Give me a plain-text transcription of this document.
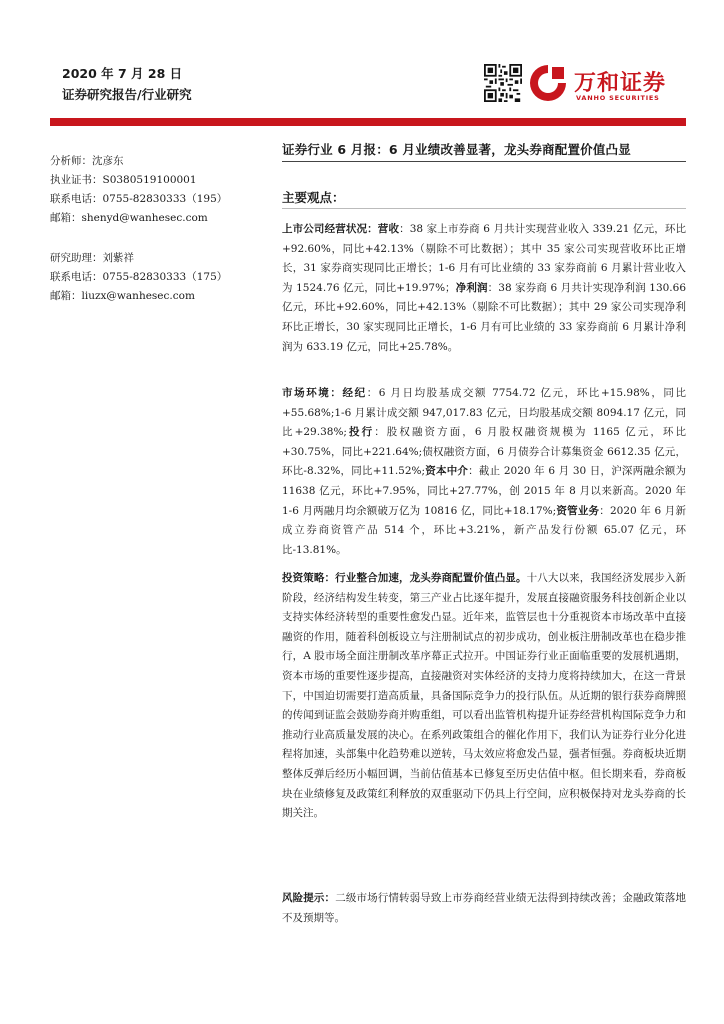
2020 年 7 月 28 日
证券研究报告/行业研究	万和证券
VANHO SECURITIES
证券行业 6 月报：6 月业绩改善显著，龙头券商配置价值凸显
分析师：沈彦东
执业证书：S0380519100001
联系电话：0755-82830333（195）
邮箱：shenyd@wanhesec.com
研究助理：刘紫祥
联系电话：0755-82830333（175）
邮箱：liuzx@wanhesec.com
主要观点：
上市公司经营状况：营收：38 家上市券商 6 月共计实现营业收入 339.21 亿元，环比+92.60%，同比+42.13%（剔除不可比数据）；其中 35 家公司实现营收环比正增长，31 家券商实现同比正增长；1-6 月有可比业绩的 33 家券商前 6 月累计营业收入为 1524.76 亿元，同比+19.97%；净利润：38 家券商 6 月共计实现净利润 130.66 亿元，环比+92.60%，同比+42.13%（剔除不可比数据）；其中 29 家公司实现净利环比正增长，30 家实现同比正增长，1-6 月有可比业绩的 33 家券商前 6 月累计净利润为 633.19 亿元，同比+25.78%。
市场环境：经纪：6 月日均股基成交额 7754.72 亿元，环比+15.98%，同比+55.68%;1-6 月累计成交额 947,017.83 亿元，日均股基成交额 8094.17 亿元，同比+29.38%;投行：股权融资方面，6 月股权融资规模为 1165 亿元，环比+30.75%，同比+221.64%;债权融资方面，6 月债券合计募集资金 6612.35 亿元，环比-8.32%，同比+11.52%;资本中介：截止 2020 年 6 月 30 日，沪深两融余额为 11638 亿元，环比+7.95%，同比+27.77%，创 2015 年 8 月以来新高。2020 年 1-6 月两融月均余额破万亿为 10816 亿，同比+18.17%;资管业务：2020 年 6 月新成立券商资管产品 514 个，环比+3.21%，新产品发行份额 65.07 亿元，环比-13.81%。
投资策略：行业整合加速，龙头券商配置价值凸显。十八大以来，我国经济发展步入新阶段，经济结构发生转变，第三产业占比逐年提升，发展直接融资服务科技创新企业以支持实体经济转型的重要性愈发凸显。近年来，监管层也十分重视资本市场改革中直接融资的作用，随着科创板设立与注册制试点的初步成功，创业板注册制改革也在稳步推行，A 股市场全面注册制改革序幕正式拉开。中国证券行业正面临重要的发展机遇期，资本市场的重要性逐步提高，直接融资对实体经济的支持力度将持续加大，在这一背景下，中国迫切需要打造高质量，具备国际竞争力的投行队伍。从近期的银行获券商牌照的传闻到证监会鼓励券商并购重组，可以看出监管机构提升证券经营机构国际竞争力和推动行业高质量发展的决心。在系列政策组合的催化作用下，我们认为证券行业分化进程将加速，头部集中化趋势难以逆转，马太效应将愈发凸显，强者恒强。券商板块近期整体反弹后经历小幅回调，当前估值基本已修复至历史估值中枢。但长期来看，券商板块在业绩修复及政策红利释放的双重驱动下仍具上行空间，应积极保持对龙头券商的长期关注。
风险提示：二级市场行情转弱导致上市券商经营业绩无法得到持续改善；金融政策落地不及预期等。
